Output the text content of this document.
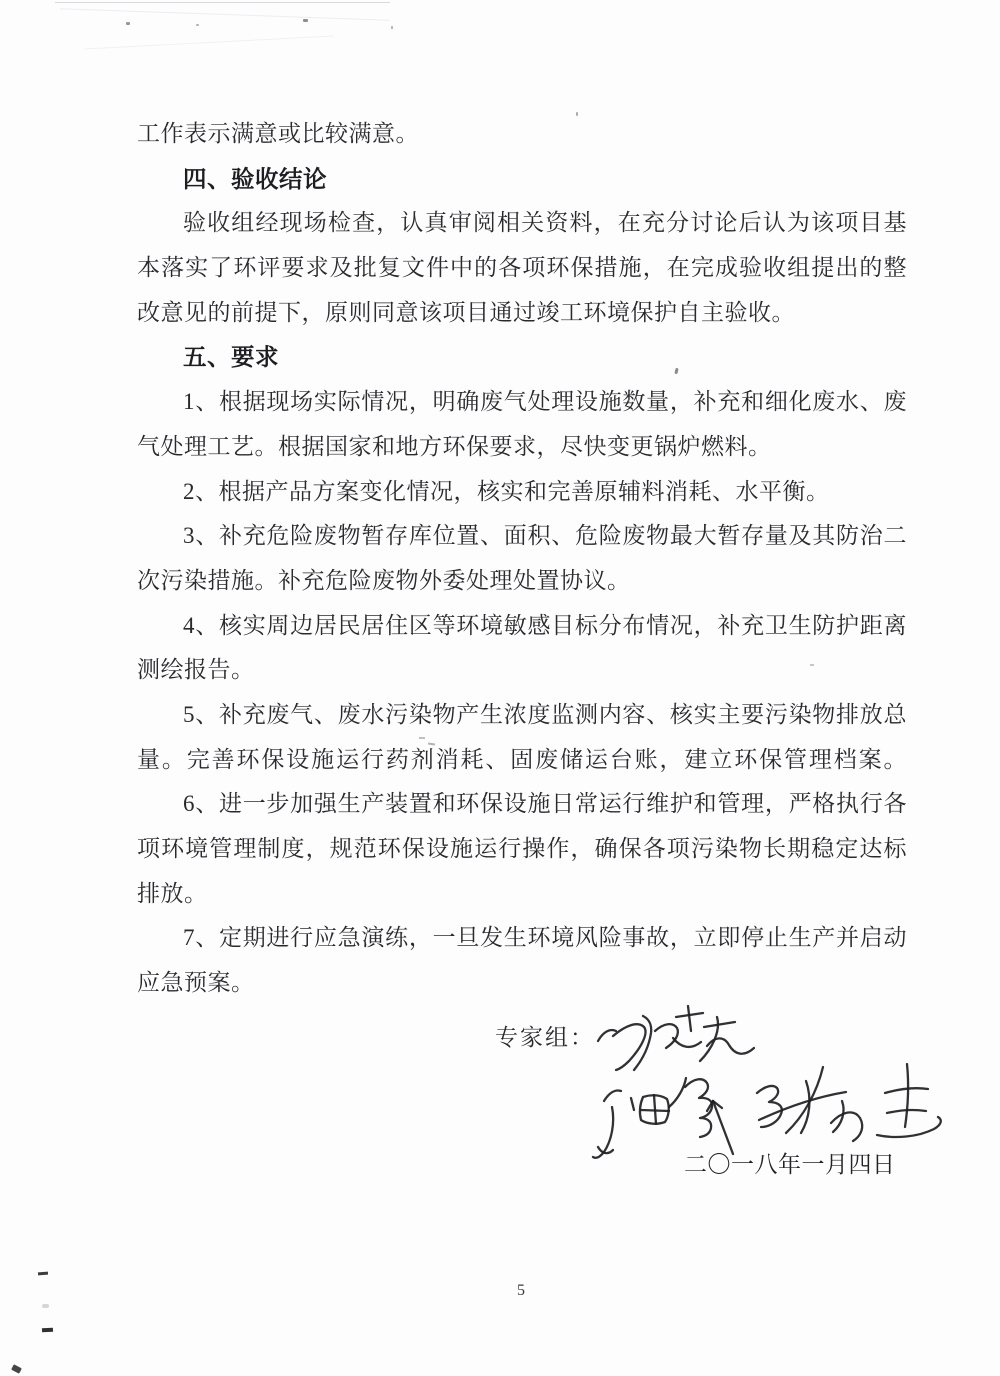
工作表示满意或比较满意。
四、验收结论
验收组经现场检查，认真审阅相关资料，在充分讨论后认为该项目基
本落实了环评要求及批复文件中的各项环保措施，在完成验收组提出的整
改意见的前提下，原则同意该项目通过竣工环境保护自主验收。
五、要求
1、根据现场实际情况，明确废气处理设施数量，补充和细化废水、废
气处理工艺。根据国家和地方环保要求，尽快变更锅炉燃料。
2、根据产品方案变化情况，核实和完善原辅料消耗、水平衡。
3、补充危险废物暂存库位置、面积、危险废物最大暂存量及其防治二
次污染措施。补充危险废物外委处理处置协议。
4、核实周边居民居住区等环境敏感目标分布情况，补充卫生防护距离
测绘报告。
5、补充废气、废水污染物产生浓度监测内容、核实主要污染物排放总
量。完善环保设施运行药剂消耗、固废储运台账，建立环保管理档案。
6、进一步加强生产装置和环保设施日常运行维护和管理，严格执行各
项环境管理制度，规范环保设施运行操作，确保各项污染物长期稳定达标
排放。
7、定期进行应急演练，一旦发生环境风险事故，立即停止生产并启动
应急预案。
专家组：
二〇一八年一月四日
5
